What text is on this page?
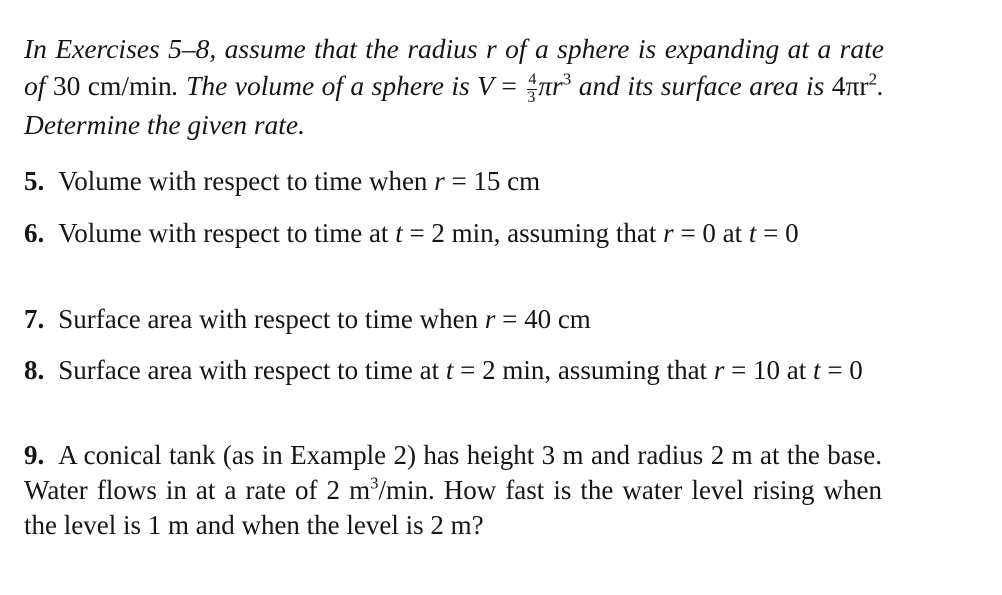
In Exercises 5–8, assume that the radius r of a sphere is expanding at a rate of 30 cm/min. The volume of a sphere is $V = \frac{4}{3} \pi r^3$ and its surface area is $4\pi r^2$. Determine the given rate.

5. Volume with respect to time when r = 15 cm

6. Volume with respect to time at t = 2 min, assuming that r = 0 at t = 0

7. Surface area with respect to time when r = 40 cm

8. Surface area with respect to time at t = 2 min, assuming that r = 10 at t = 0

9. A conical tank (as in Example 2) has height 3 m and radius 2 m at the base. Water flows in at a rate of 2 $m^3/\min$. How fast is the water level rising when the level is 1 m and when the level is 2 m?
